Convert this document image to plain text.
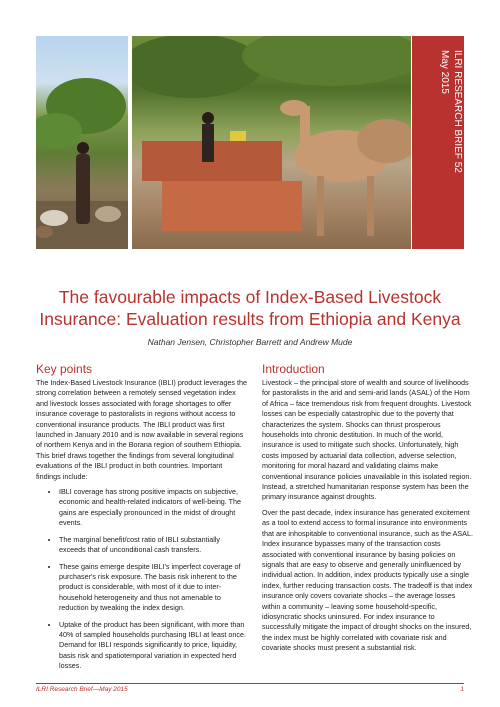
ILRI RESEARCH BRIEF 52
May 2015
The favourable impacts of Index-Based Livestock Insurance: Evaluation results from Ethiopia and Kenya
Nathan Jensen, Christopher Barrett and Andrew Mude
Key points

The Index-Based Livestock Insurance (IBLI) product leverages the strong correlation between a remotely sensed vegetation index and livestock losses associated with forage shortages to offer insurance coverage to pastoralists in regions without access to conventional insurance products. The IBLI product was first launched in January 2010 and is now available in several regions of northern Kenya and in the Borana region of southern Ethiopia. This brief draws together the findings from several longitudinal evaluations of the IBLI product in both countries. Important findings include:

• IBLI coverage has strong positive impacts on subjective, economic and health-related indicators of well-being. The gains are especially pronounced in the midst of drought events.
• The marginal benefit/cost ratio of IBLI substantially exceeds that of unconditional cash transfers.
• These gains emerge despite IBLI's imperfect coverage of purchaser's risk exposure. The basis risk inherent to the product is considerable, with most of it due to inter-household heterogeneity and thus not amenable to reduction by tweaking the index design.
• Uptake of the product has been significant, with more than 40% of sampled households purchasing IBLI at least once. Demand for IBLI responds significantly to price, liquidity, basis risk and spatiotemporal variation in expected herd losses.
Introduction

Livestock – the principal store of wealth and source of livelihoods for pastoralists in the arid and semi-arid lands (ASAL) of the Horn of Africa – face tremendous risk from frequent droughts. Livestock losses can be especially catastrophic due to the poverty that characterizes the system. Shocks can thrust prosperous households into chronic destitution. In much of the world, insurance is used to mitigate such shocks. Unfortunately, high costs imposed by actuarial data collection, adverse selection, monitoring for moral hazard and validating claims make conventional insurance policies unavailable in this isolated region. Instead, a stretched humanitarian response system has been the primary insurance against droughts.

Over the past decade, index insurance has generated excitement as a tool to extend access to formal insurance into environments that are inhospitable to conventional insurance, such as the ASAL. Index insurance bypasses many of the transaction costs associated with conventional insurance by basing policies on signals that are easy to observe and generally uninfluenced by individual action. In addition, index products typically use a single index, further reducing transaction costs. The tradeoff is that index insurance only covers covariate shocks – the average losses within a community – leaving some household-specific, idiosyncratic shocks uninsured. For index insurance to successfully mitigate the impact of drought shocks on the insured, the index must be highly correlated with covariate risk and covariate shocks must present a substantial risk.

ILRI Research Brief—May 2015	1
